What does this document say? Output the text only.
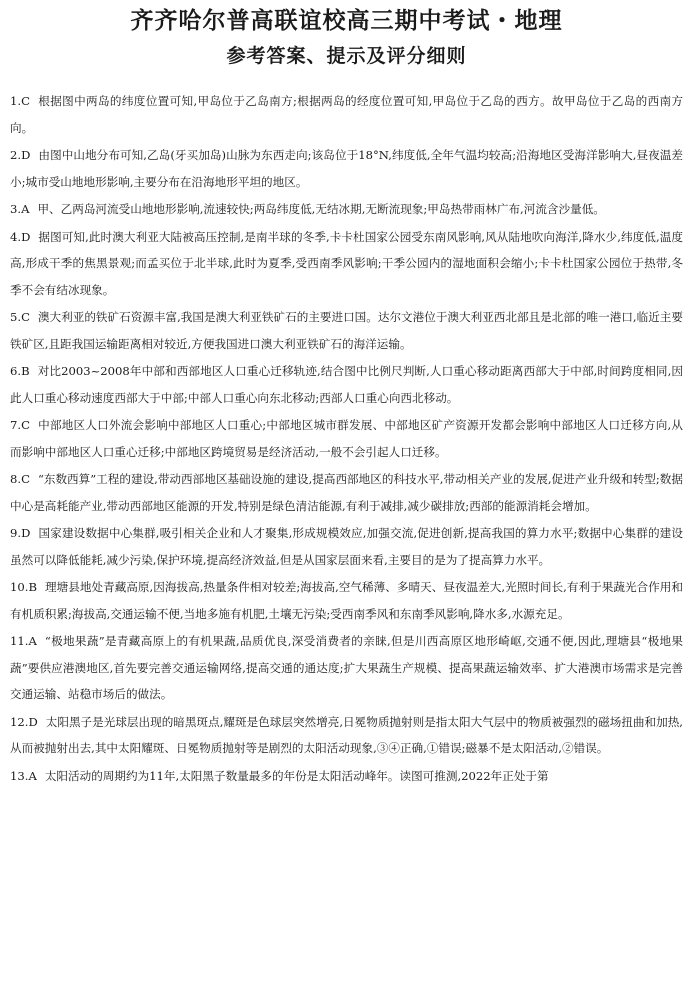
齐齐哈尔普高联谊校高三期中考试・地理
参考答案、提示及评分细则
1.C 根据图中两岛的纬度位置可知,甲岛位于乙岛南方;根据两岛的经度位置可知,甲岛位于乙岛的西方。故甲岛位于乙岛的西南方向。
2.D 由图中山地分布可知,乙岛(牙买加岛)山脉为东西走向;该岛位于18°N,纬度低,全年气温均较高;沿海地区受海洋影响大,昼夜温差小;城市受山地地形影响,主要分布在沿海地形平坦的地区。
3.A 甲、乙两岛河流受山地地形影响,流速较快;两岛纬度低,无结冰期,无断流现象;甲岛热带雨林广布,河流含沙量低。
4.D 据图可知,此时澳大利亚大陆被高压控制,是南半球的冬季,卡卡杜国家公园受东南风影响,风从陆地吹向海洋,降水少,纬度低,温度高,形成干季的焦黑景观;而孟买位于北半球,此时为夏季,受西南季风影响;干季公园内的湿地面积会缩小;卡卡杜国家公园位于热带,冬季不会有结冰现象。
5.C 澳大利亚的铁矿石资源丰富,我国是澳大利亚铁矿石的主要进口国。达尔文港位于澳大利亚西北部且是北部的唯一港口,临近主要铁矿区,且距我国运输距离相对较近,方便我国进口澳大利亚铁矿石的海洋运输。
6.B 对比2003~2008年中部和西部地区人口重心迁移轨迹,结合图中比例尺判断,人口重心移动距离西部大于中部,时间跨度相同,因此人口重心移动速度西部大于中部;中部人口重心向东北移动;西部人口重心向西北移动。
7.C 中部地区人口外流会影响中部地区人口重心;中部地区城市群发展、中部地区矿产资源开发都会影响中部地区人口迁移方向,从而影响中部地区人口重心迁移;中部地区跨境贸易是经济活动,一般不会引起人口迁移。
8.C “东数西算”工程的建设,带动西部地区基础设施的建设,提高西部地区的科技水平,带动相关产业的发展,促进产业升级和转型;数据中心是高耗能产业,带动西部地区能源的开发,特别是绿色清洁能源,有利于减排,减少碳排放;西部的能源消耗会增加。
9.D 国家建设数据中心集群,吸引相关企业和人才聚集,形成规模效应,加强交流,促进创新,提高我国的算力水平;数据中心集群的建设虽然可以降低能耗,减少污染,保护环境,提高经济效益,但是从国家层面来看,主要目的是为了提高算力水平。
10.B 理塘县地处青藏高原,因海拔高,热量条件相对较差;海拔高,空气稀薄、多晴天、昼夜温差大,光照时间长,有利于果蔬光合作用和有机质积累;海拔高,交通运输不便,当地多施有机肥,土壤无污染;受西南季风和东南季风影响,降水多,水源充足。
11.A “极地果蔬”是青藏高原上的有机果蔬,品质优良,深受消费者的亲睐,但是川西高原区地形崎岖,交通不便,因此,理塘县“极地果蔬”要供应港澳地区,首先要完善交通运输网络,提高交通的通达度;扩大果蔬生产规模、提高果蔬运输效率、扩大港澳市场需求是完善交通运输、站稳市场后的做法。
12.D 太阳黑子是光球层出现的暗黑斑点,耀斑是色球层突然增亮,日冕物质抛射则是指太阳大气层中的物质被强烈的磁场扭曲和加热,从而被抛射出去,其中太阳耀斑、日冕物质抛射等是剧烈的太阳活动现象,③④正确,①错误;磁暴不是太阳活动,②错误。
13.A 太阳活动的周期约为11年,太阳黑子数量最多的年份是太阳活动峰年。读图可推测,2022年正处于第
